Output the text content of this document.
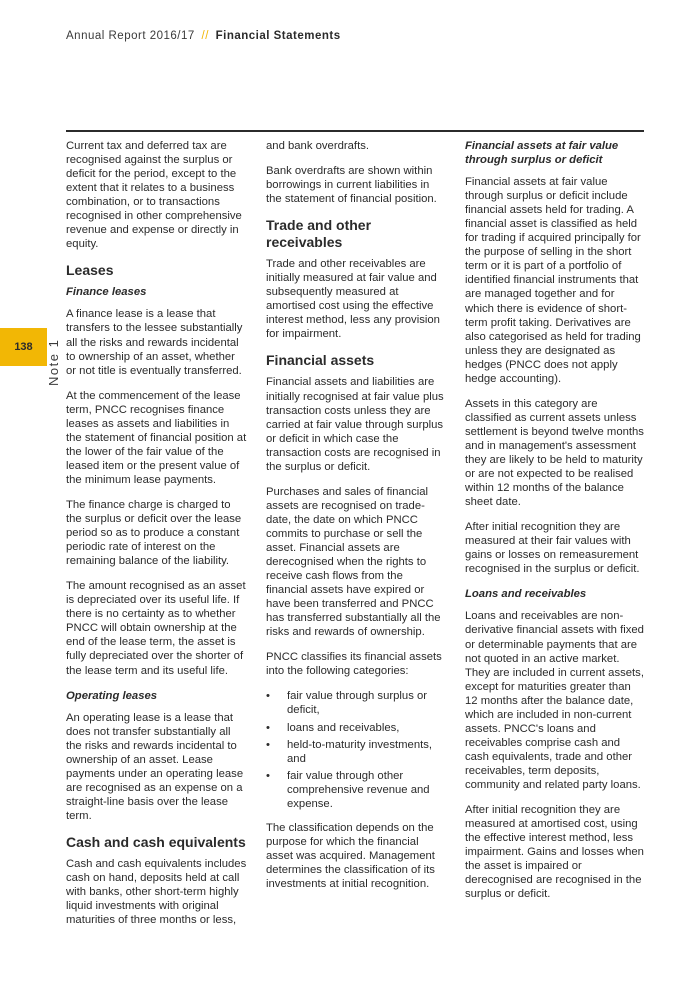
Annual Report 2016/17 // Financial Statements
138 Note 1

Current tax and deferred tax are recognised against the surplus or deficit for the period, except to the extent that it relates to a business combination, or to transactions recognised in other comprehensive revenue and expense or directly in equity.

Leases
Finance leases

A finance lease is a lease that transfers to the lessee substantially all the risks and rewards incidental to ownership of an asset, whether or not title is eventually transferred.

At the commencement of the lease term, PNCC recognises finance leases as assets and liabilities in the statement of financial position at the lower of the fair value of the leased item or the present value of the minimum lease payments.

The finance charge is charged to the surplus or deficit over the lease period so as to produce a constant periodic rate of interest on the remaining balance of the liability.

The amount recognised as an asset is depreciated over its useful life. If there is no certainty as to whether PNCC will obtain ownership at the end of the lease term, the asset is fully depreciated over the shorter of the lease term and its useful life.

Operating leases

An operating lease is a lease that does not transfer substantially all the risks and rewards incidental to ownership of an asset. Lease payments under an operating lease are recognised as an expense on a straight-line basis over the lease term.

Cash and cash equivalents

Cash and cash equivalents includes cash on hand, deposits held at call with banks, other short-term highly liquid investments with original maturities of three months or less,

and bank overdrafts.

Bank overdrafts are shown within borrowings in current liabilities in the statement of financial position.

Trade and other receivables

Trade and other receivables are initially measured at fair value and subsequently measured at amortised cost using the effective interest method, less any provision for impairment.

Financial assets

Financial assets and liabilities are initially recognised at fair value plus transaction costs unless they are carried at fair value through surplus or deficit in which case the transaction costs are recognised in the surplus or deficit.

Purchases and sales of financial assets are recognised on trade-date, the date on which PNCC commits to purchase or sell the asset. Financial assets are derecognised when the rights to receive cash flows from the financial assets have expired or have been transferred and PNCC has transferred substantially all the risks and rewards of ownership.

PNCC classifies its financial assets into the following categories:

• fair value through surplus or deficit,
• loans and receivables,
• held-to-maturity investments, and
• fair value through other comprehensive revenue and expense.

The classification depends on the purpose for which the financial asset was acquired. Management determines the classification of its investments at initial recognition.

Financial assets at fair value through surplus or deficit

Financial assets at fair value through surplus or deficit include financial assets held for trading. A financial asset is classified as held for trading if acquired principally for the purpose of selling in the short term or it is part of a portfolio of identified financial instruments that are managed together and for which there is evidence of short-term profit taking. Derivatives are also categorised as held for trading unless they are designated as hedges (PNCC does not apply hedge accounting).

Assets in this category are classified as current assets unless settlement is beyond twelve months and in management's assessment they are likely to be held to maturity or are not expected to be realised within 12 months of the balance sheet date.

After initial recognition they are measured at their fair values with gains or losses on remeasurement recognised in the surplus or deficit.

Loans and receivables

Loans and receivables are non-derivative financial assets with fixed or determinable payments that are not quoted in an active market. They are included in current assets, except for maturities greater than 12 months after the balance date, which are included in non-current assets. PNCC's loans and receivables comprise cash and cash equivalents, trade and other receivables, term deposits, community and related party loans.

After initial recognition they are measured at amortised cost, using the effective interest method, less impairment. Gains and losses when the asset is impaired or derecognised are recognised in the surplus or deficit.
